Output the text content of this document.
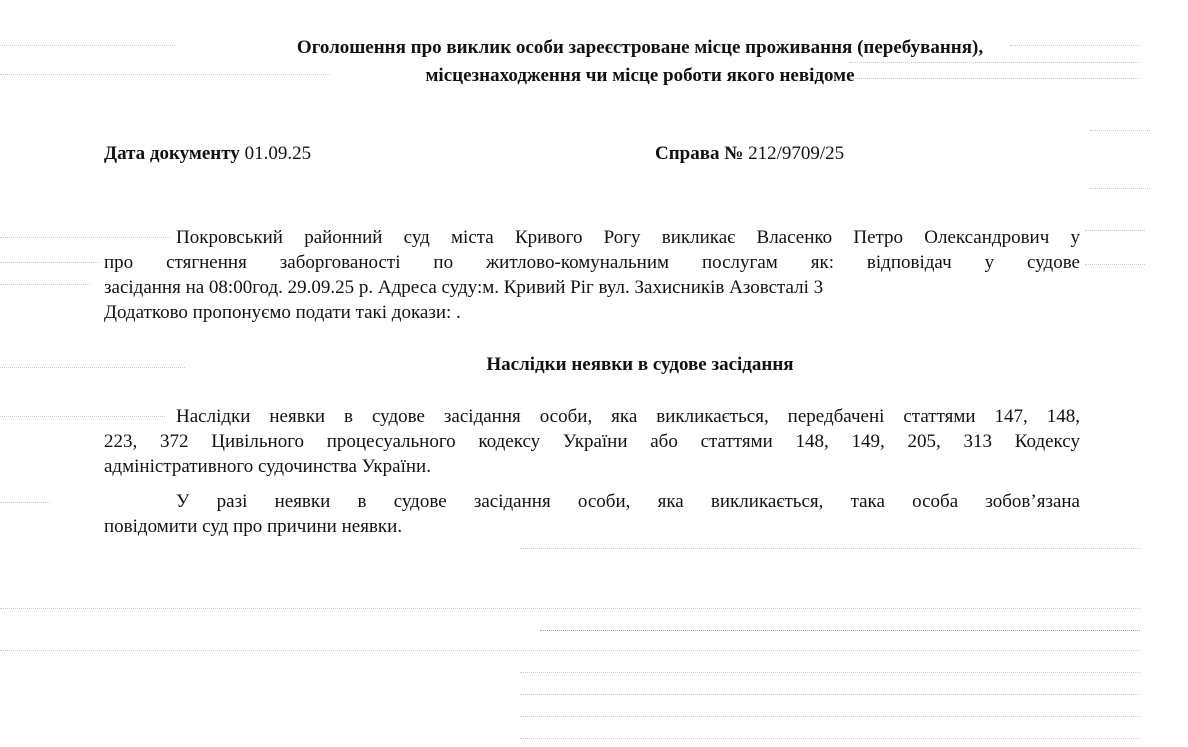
Оголошення про виклик особи зареєстроване місце проживання (перебування),
місцезнаходження чи місце роботи якого невідоме
Дата документу 01.09.25	Справа № 212/9709/25
Покровський районний суд міста Кривого Рогу викликає Власенко Петро Олександрович у
про стягнення заборгованості по житлово-комунальним послугам як: відповідач у судове
засідання на 08:00год. 29.09.25 р. Адреса суду:м. Кривий Ріг вул. Захисників Азовсталі 3
Додатково пропонуємо подати такі докази: .
Наслідки неявки в судове засідання
Наслідки неявки в судове засідання особи, яка викликається, передбачені статтями 147, 148,
223, 372 Цивільного процесуального кодексу України або статтями 148, 149, 205, 313 Кодексу
адміністративного судочинства України.
У разі неявки в судове засідання особи, яка викликається, така особа зобов’язана
повідомити суд про причини неявки.
